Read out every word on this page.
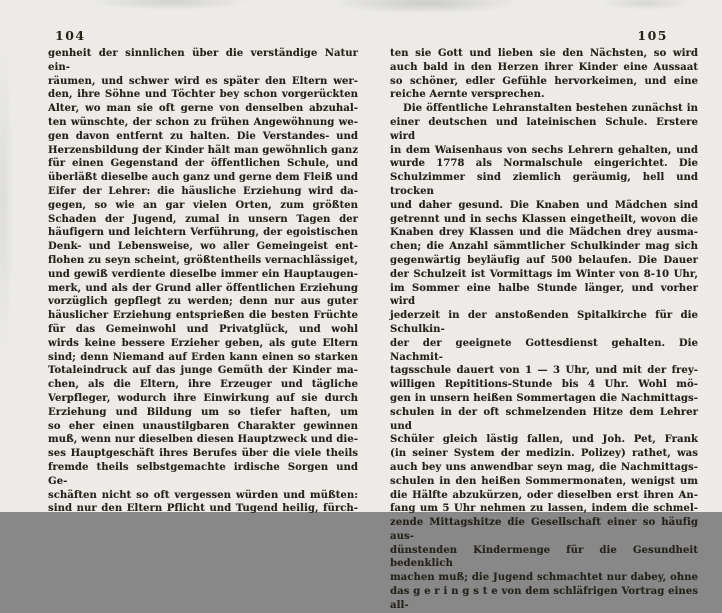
104
genheit der sinnlichen über die verständige Natur ein-
räumen, und schwer wird es später den Eltern wer-
den, ihre Söhne und Töchter bey schon vorgerückten
Alter, wo man sie oft gerne von denselben abzuhal-
ten wünschte, der schon zu frühen Angewöhnung we-
gen davon entfernt zu halten. Die Verstandes- und
Herzensbildung der Kinder hält man gewöhnlich ganz
für einen Gegenstand der öffentlichen Schule, und
überläßt dieselbe auch ganz und gerne dem Fleiß und
Eifer der Lehrer: die häusliche Erziehung wird da-
gegen, so wie an gar vielen Orten, zum größten
Schaden der Jugend, zumal in unsern Tagen der
häufigern und leichtern Verführung, der egoistischen
Denk- und Lebensweise, wo aller Gemeingeist ent-
flohen zu seyn scheint, größtentheils vernachlässiget,
und gewiß verdiente dieselbe immer ein Hauptaugen-
merk, und als der Grund aller öffentlichen Erziehung
vorzüglich gepflegt zu werden; denn nur aus guter
häuslicher Erziehung entsprießen die besten Früchte
für das Gemeinwohl und Privatglück, und wohl
wirds keine bessere Erzieher geben, als gute Eltern
sind; denn Niemand auf Erden kann einen so starken
Totaleindruck auf das junge Gemüth der Kinder ma-
chen, als die Eltern, ihre Erzeuger und tägliche
Verpfleger, wodurch ihre Einwirkung auf sie durch
Erziehung und Bildung um so tiefer haften, um
so eher einen unaustilgbaren Charakter gewinnen
muß, wenn nur dieselben diesen Hauptzweck und die-
ses Hauptgeschäft ihres Berufes über die viele theils
fremde theils selbstgemachte irdische Sorgen und Ge-
schäften nicht so oft vergessen würden und müßten:
sind nur den Eltern Pflicht und Tugend heilig, fürch-
105
ten sie Gott und lieben sie den Nächsten, so wird
auch bald in den Herzen ihrer Kinder eine Aussaat
so schöner, edler Gefühle hervorkeimen, und eine
reiche Aernte versprechen.
Die öffentliche Lehranstalten bestehen zunächst in
einer deutschen und lateinischen Schule. Erstere wird
in dem Waisenhaus von sechs Lehrern gehalten, und
wurde 1778 als Normalschule eingerichtet. Die
Schulzimmer sind ziemlich geräumig, hell und trocken
und daher gesund. Die Knaben und Mädchen sind
getrennt und in sechs Klassen eingetheilt, wovon die
Knaben drey Klassen und die Mädchen drey ausma-
chen; die Anzahl sämmtlicher Schulkinder mag sich
gegenwärtig beyläufig auf 500 belaufen. Die Dauer
der Schulzeit ist Vormittags im Winter von 8-10 Uhr,
im Sommer eine halbe Stunde länger, und vorher wird
jederzeit in der anstoßenden Spitalkirche für die Schulkin-
der der geeignete Gottesdienst gehalten. Die Nachmit-
tagsschule dauert von 1 — 3 Uhr, und mit der frey-
willigen Repititions-Stunde bis 4 Uhr. Wohl mö-
gen in unsern heißen Sommertagen die Nachmittags-
schulen in der oft schmelzenden Hitze dem Lehrer und
Schüler gleich lästig fallen, und Joh. Pet, Frank
(in seiner System der medizin. Polizey) rathet, was
auch bey uns anwendbar seyn mag, die Nachmittags-
schulen in den heißen Sommermonaten, wenigst um
die Hälfte abzukürzen, oder dieselben erst ihren An-
fang um 5 Uhr nehmen zu lassen, indem die schmel-
zende Mittagshitze die Gesellschaft einer so häufig aus-
dünstenden Kindermenge für die Gesundheit bedenklich
machen muß; die Jugend schmachtet nur dabey, ohne
das g e r i n g s t e von dem schläfrigen Vortrag eines all-
